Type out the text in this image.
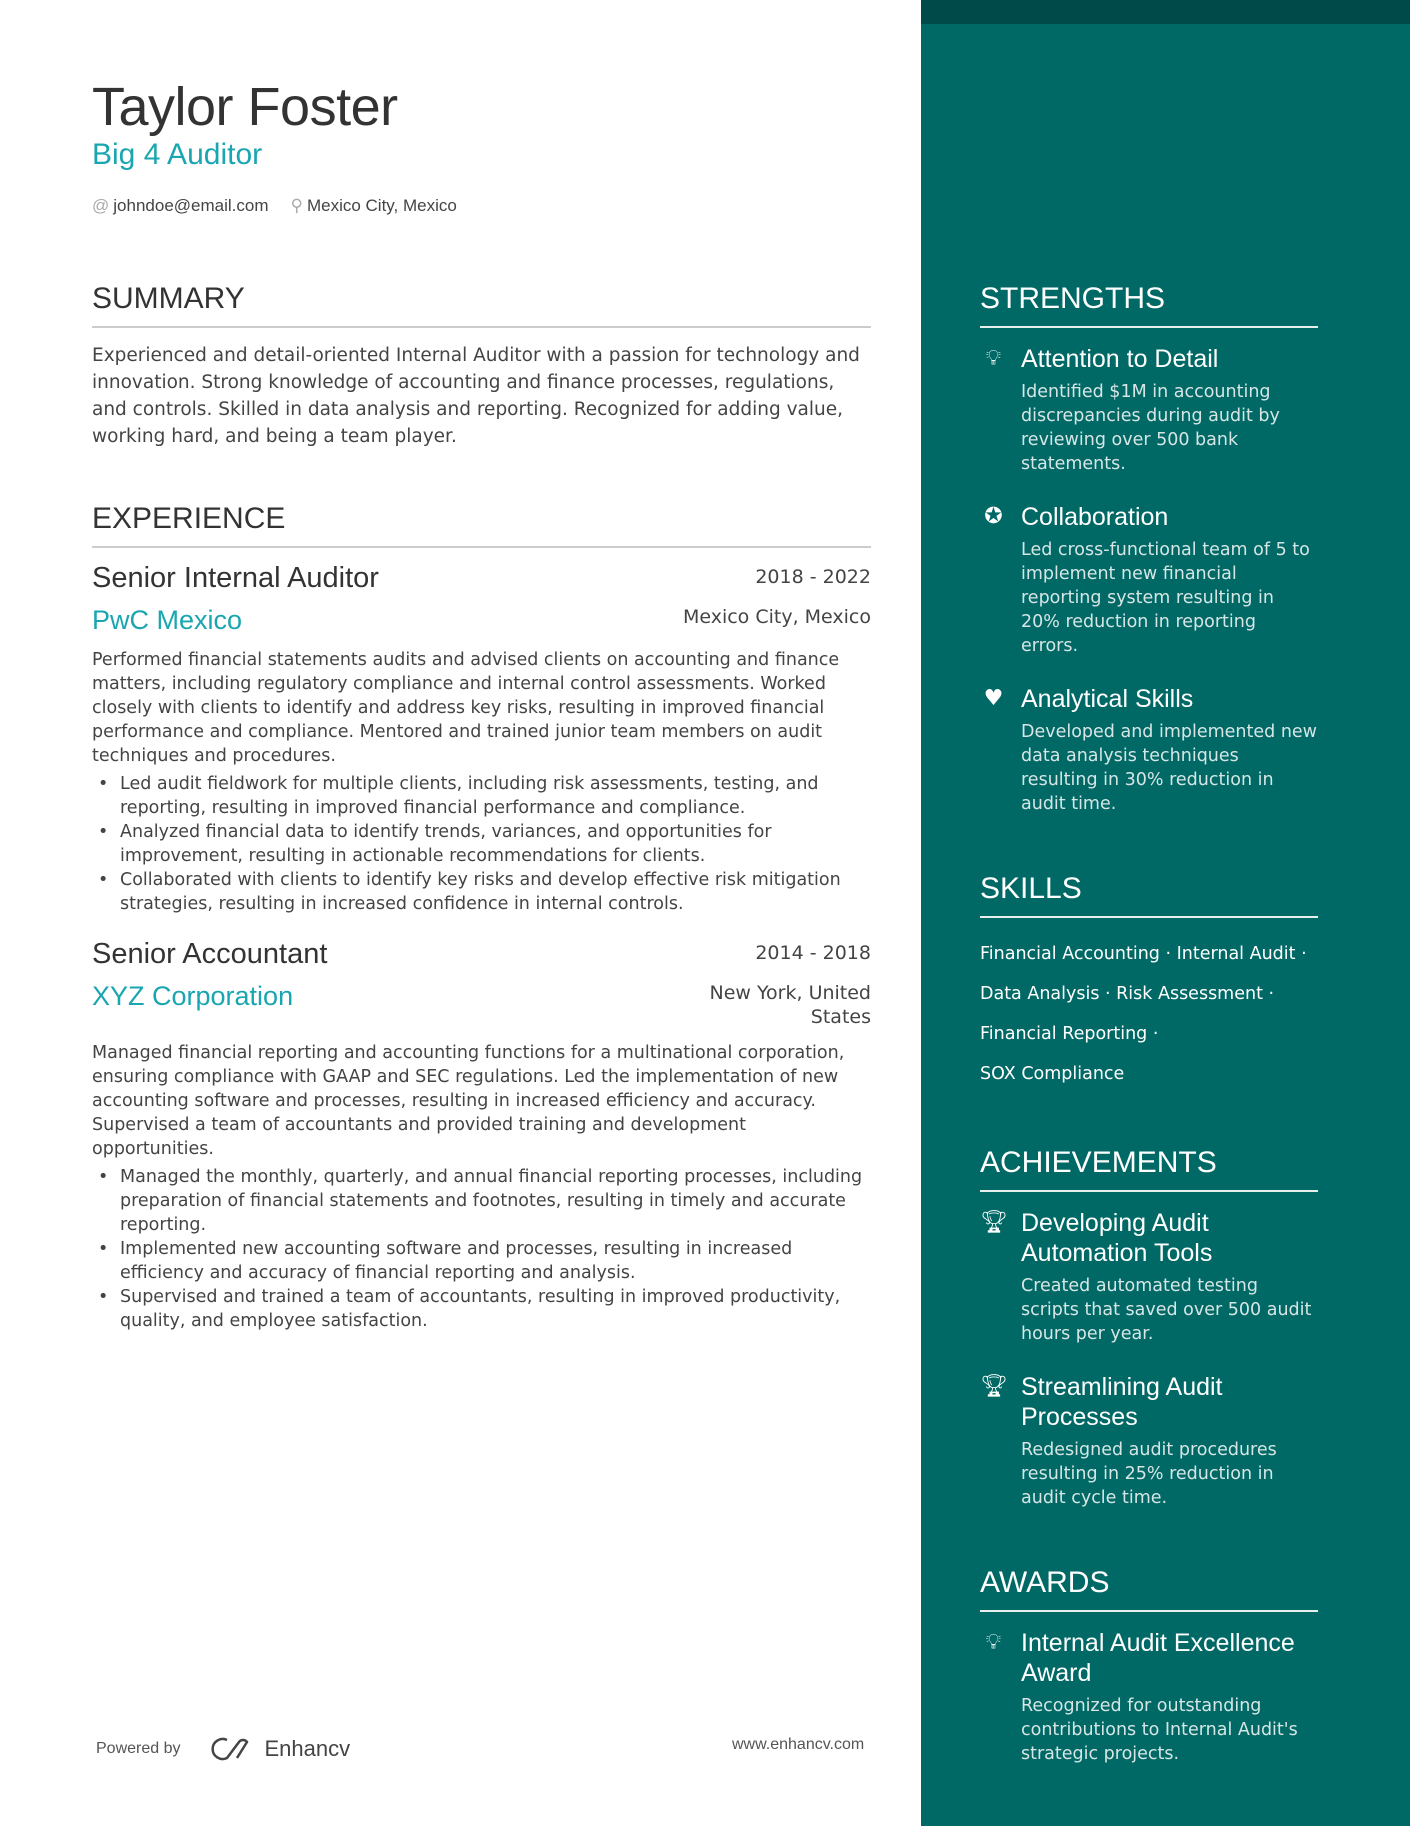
Taylor Foster
Big 4 Auditor
@ johndoe@email.com ⚲ Mexico City, Mexico
SUMMARY
Experienced and detail-oriented Internal Auditor with a passion for technology and innovation. Strong knowledge of accounting and finance processes, regulations, and controls. Skilled in data analysis and reporting. Recognized for adding value, working hard, and being a team player.
EXPERIENCE
Senior Internal Auditor	2018 - 2022
PwC Mexico	Mexico City, Mexico
Performed financial statements audits and advised clients on accounting and finance matters, including regulatory compliance and internal control assessments. Worked closely with clients to identify and address key risks, resulting in improved financial performance and compliance. Mentored and trained junior team members on audit techniques and procedures.
• Led audit fieldwork for multiple clients, including risk assessments, testing, and reporting, resulting in improved financial performance and compliance.
• Analyzed financial data to identify trends, variances, and opportunities for improvement, resulting in actionable recommendations for clients.
• Collaborated with clients to identify key risks and develop effective risk mitigation strategies, resulting in increased confidence in internal controls.
Senior Accountant	2014 - 2018
XYZ Corporation	New York, United States
Managed financial reporting and accounting functions for a multinational corporation, ensuring compliance with GAAP and SEC regulations. Led the implementation of new accounting software and processes, resulting in increased efficiency and accuracy. Supervised a team of accountants and provided training and development opportunities.
• Managed the monthly, quarterly, and annual financial reporting processes, including preparation of financial statements and footnotes, resulting in timely and accurate reporting.
• Implemented new accounting software and processes, resulting in increased efficiency and accuracy of financial reporting and analysis.
• Supervised and trained a team of accountants, resulting in improved productivity, quality, and employee satisfaction.
Powered by	Enhancv	www.enhancv.com
STRENGTHS
💡︎ Attention to Detail
Identified $1M in accounting discrepancies during audit by reviewing over 500 bank statements.
✪ Collaboration
Led cross-functional team of 5 to implement new financial reporting system resulting in 20% reduction in reporting errors.
♥ Analytical Skills
Developed and implemented new data analysis techniques resulting in 30% reduction in audit time.
SKILLS
Financial Accounting · Internal Audit ·
Data Analysis · Risk Assessment ·
Financial Reporting ·
SOX Compliance
ACHIEVEMENTS
🏆︎ Developing Audit Automation Tools
Created automated testing scripts that saved over 500 audit hours per year.
🏆︎ Streamlining Audit Processes
Redesigned audit procedures resulting in 25% reduction in audit cycle time.
AWARDS
💡︎ Internal Audit Excellence Award
Recognized for outstanding contributions to Internal Audit's strategic projects.
